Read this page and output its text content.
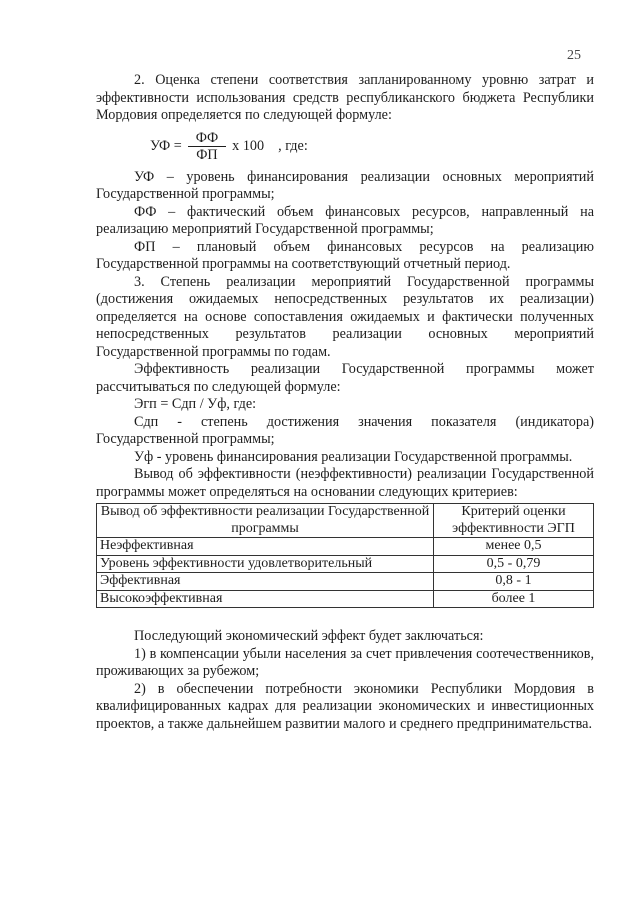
25

2. Оценка степени соответствия запланированному уровню затрат и эффективности использования средств республиканского бюджета Республики Мордовия определяется по следующей формуле:

УФ = $\frac{ФФ}{ФП}$ x 100 , где:

УФ – уровень финансирования реализации основных мероприятий Государственной программы;

ФФ – фактический объем финансовых ресурсов, направленный на реализацию мероприятий Государственной программы;

ФП – плановый объем финансовых ресурсов на реализацию Государственной программы на соответствующий отчетный период.

3. Степень реализации мероприятий Государственной программы (достижения ожидаемых непосредственных результатов их реализации) определяется на основе сопоставления ожидаемых и фактически полученных непосредственных результатов реализации основных мероприятий Государственной программы по годам.

Эффективность реализации Государственной программы может рассчитываться по следующей формуле:

Эгп = Сдп / Уф, где:

Сдп - степень достижения значения показателя (индикатора) Государственной программы;

Уф - уровень финансирования реализации Государственной программы.

Вывод об эффективности (неэффективности) реализации Государственной программы может определяться на основании следующих критериев:

Вывод об эффективности реализации Государственной программы	Критерий оценки эффективности ЭГП
Неэффективная	менее 0,5
Уровень эффективности удовлетворительный	0,5 - 0,79
Эффективная	0,8 - 1
Высокоэффективная	более 1

Последующий экономический эффект будет заключаться:

1) в компенсации убыли населения за счет привлечения соотечественников, проживающих за рубежом;

2) в обеспечении потребности экономики Республики Мордовия в квалифицированных кадрах для реализации экономических и инвестиционных проектов, а также дальнейшем развитии малого и среднего предпринимательства.
